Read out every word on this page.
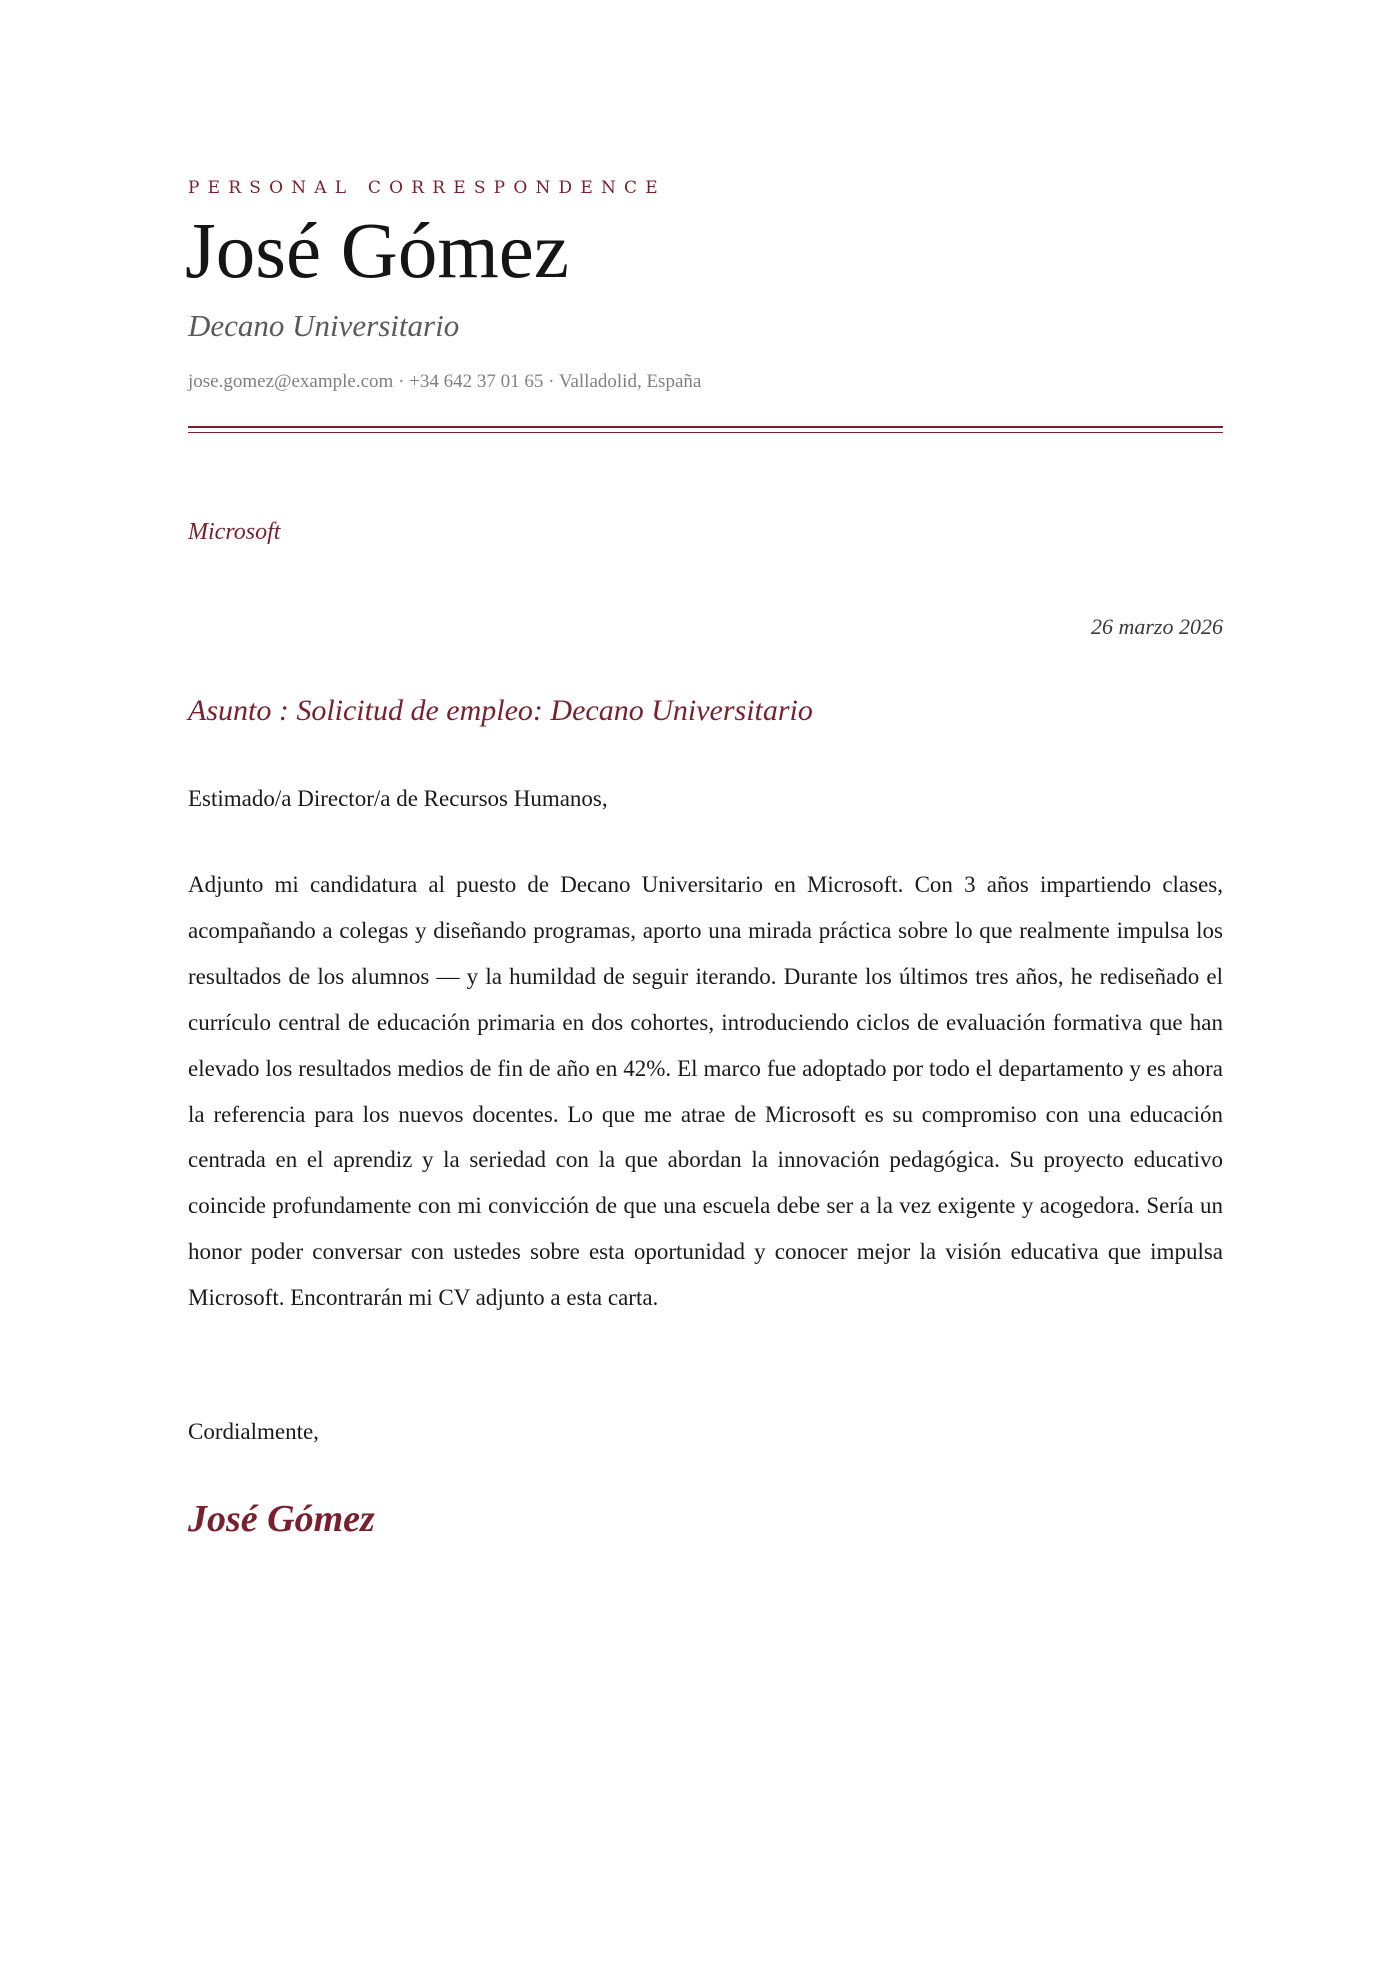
PERSONAL CORRESPONDENCE
José Gómez
Decano Universitario
jose.gomez@example.com · +34 642 37 01 65 · Valladolid, España
Microsoft
26 marzo 2026
Asunto : Solicitud de empleo: Decano Universitario
Estimado/a Director/a de Recursos Humanos,

Adjunto mi candidatura al puesto de Decano Universitario en Microsoft. Con 3 años impartiendo clases, acompañando a colegas y diseñando programas, aporto una mirada práctica sobre lo que realmente impulsa los resultados de los alumnos — y la humildad de seguir iterando. Durante los últimos tres años, he rediseñado el currículo central de educación primaria en dos cohortes, introduciendo ciclos de evaluación formativa que han elevado los resultados medios de fin de año en 42%. El marco fue adoptado por todo el departamento y es ahora la referencia para los nuevos docentes. Lo que me atrae de Microsoft es su compromiso con una educación centrada en el aprendiz y la seriedad con la que abordan la innovación pedagógica. Su proyecto educativo coincide profundamente con mi convicción de que una escuela debe ser a la vez exigente y acogedora. Sería un honor poder conversar con ustedes sobre esta oportunidad y conocer mejor la visión educativa que impulsa Microsoft. Encontrarán mi CV adjunto a esta carta.

Cordialmente,
José Gómez
